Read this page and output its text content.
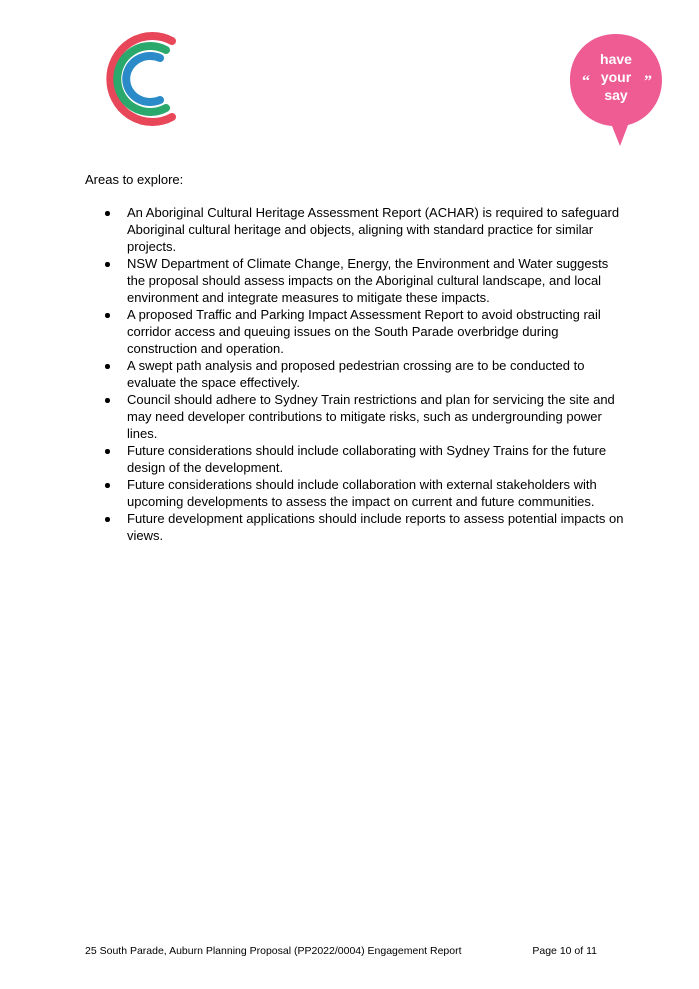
have
your
say
“	”

Areas to explore:

An Aboriginal Cultural Heritage Assessment Report (ACHAR) is required to safeguard Aboriginal cultural heritage and objects, aligning with standard practice for similar projects.
NSW Department of Climate Change, Energy, the Environment and Water suggests the proposal should assess impacts on the Aboriginal cultural landscape, and local environment and integrate measures to mitigate these impacts.
A proposed Traffic and Parking Impact Assessment Report to avoid obstructing rail corridor access and queuing issues on the South Parade overbridge during construction and operation.
A swept path analysis and proposed pedestrian crossing are to be conducted to evaluate the space effectively.
Council should adhere to Sydney Train restrictions and plan for servicing the site and may need developer contributions to mitigate risks, such as undergrounding power lines.
Future considerations should include collaborating with Sydney Trains for the future design of the development.
Future considerations should include collaboration with external stakeholders with upcoming developments to assess the impact on current and future communities.
Future development applications should include reports to assess potential impacts on views.
25 South Parade, Auburn Planning Proposal (PP2022/0004) Engagement Report	Page 10 of 11
